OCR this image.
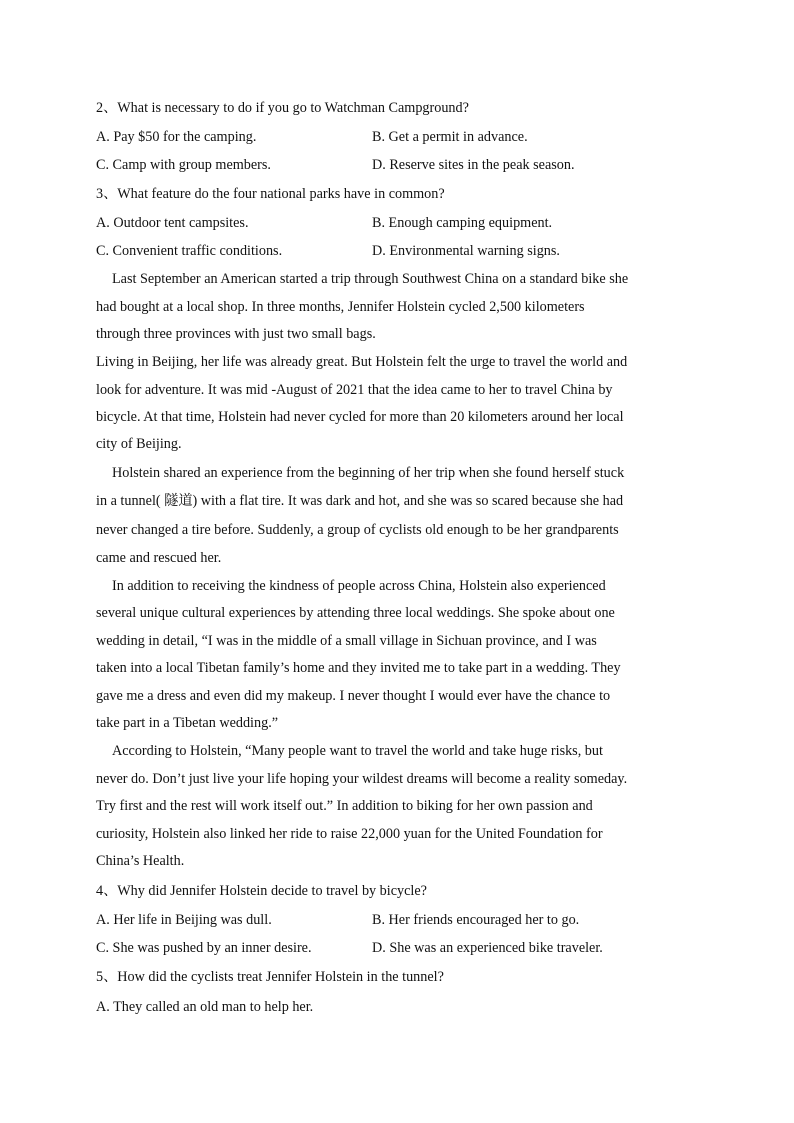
2、What is necessary to do if you go to Watchman Campground?
A. Pay $50 for the camping.	B. Get a permit in advance.
C. Camp with group members.	D. Reserve sites in the peak season.
3、What feature do the four national parks have in common?
A. Outdoor tent campsites.	B. Enough camping equipment.
C. Convenient traffic conditions.	D. Environmental warning signs.
Last September an American started a trip through Southwest China on a standard bike she
had bought at a local shop. In three months, Jennifer Holstein cycled 2,500 kilometers
through three provinces with just two small bags.
Living in Beijing, her life was already great. But Holstein felt the urge to travel the world and
look for adventure. It was mid -August of 2021 that the idea came to her to travel China by
bicycle. At that time, Holstein had never cycled for more than 20 kilometers around her local
city of Beijing.
Holstein shared an experience from the beginning of her trip when she found herself stuck
in a tunnel( 隧道) with a flat tire. It was dark and hot, and she was so scared because she had
never changed a tire before. Suddenly, a group of cyclists old enough to be her grandparents
came and rescued her.
In addition to receiving the kindness of people across China, Holstein also experienced
several unique cultural experiences by attending three local weddings. She spoke about one
wedding in detail, “I was in the middle of a small village in Sichuan province, and I was
taken into a local Tibetan family’s home and they invited me to take part in a wedding. They
gave me a dress and even did my makeup. I never thought I would ever have the chance to
take part in a Tibetan wedding.”
According to Holstein, “Many people want to travel the world and take huge risks, but
never do. Don’t just live your life hoping your wildest dreams will become a reality someday.
Try first and the rest will work itself out.” In addition to biking for her own passion and
curiosity, Holstein also linked her ride to raise 22,000 yuan for the United Foundation for
China’s Health.
4、Why did Jennifer Holstein decide to travel by bicycle?
A. Her life in Beijing was dull.	B. Her friends encouraged her to go.
C. She was pushed by an inner desire.	D. She was an experienced bike traveler.
5、How did the cyclists treat Jennifer Holstein in the tunnel?
A. They called an old man to help her.
